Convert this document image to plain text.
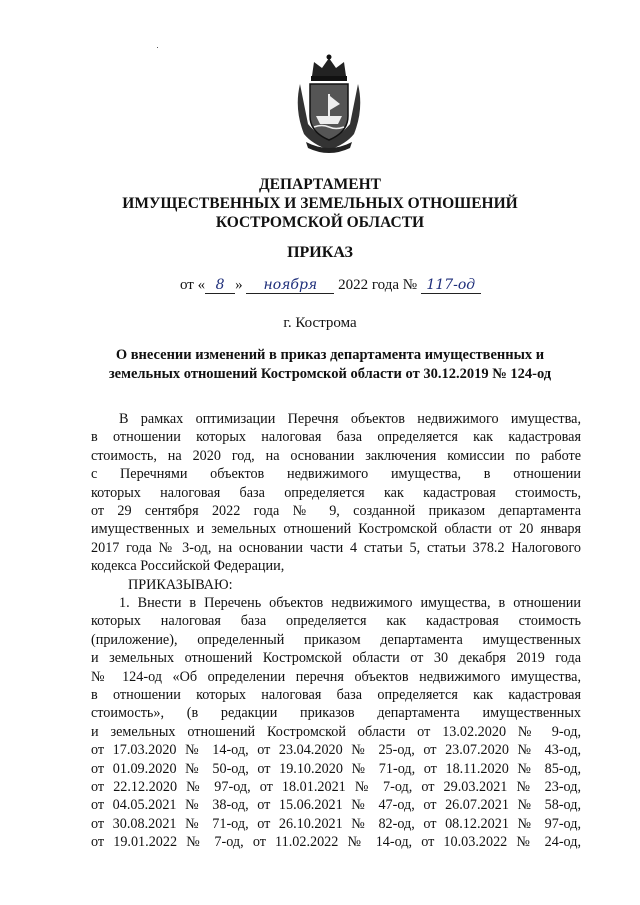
ДЕПАРТАМЕНТ
ИМУЩЕСТВЕННЫХ И ЗЕМЕЛЬНЫХ ОТНОШЕНИЙ
КОСТРОМСКОЙ ОБЛАСТИ
ПРИКАЗ
от « 8 » ноября 2022 года № 117-од
г. Кострома
О внесении изменений в приказ департамента имущественных и
земельных отношений Костромской области от 30.12.2019 № 124-од
В рамках оптимизации Перечня объектов недвижимого имущества,
в отношении которых налоговая база определяется как кадастровая
стоимость, на 2020 год, на основании заключения комиссии по работе
с Перечнями объектов недвижимого имущества, в отношении
которых налоговая база определяется как кадастровая стоимость,
от 29 сентября 2022 года № 9, созданной приказом департамента
имущественных и земельных отношений Костромской области от 20 января
2017 года № 3-од, на основании части 4 статьи 5, статьи 378.2 Налогового
кодекса Российской Федерации,
ПРИКАЗЫВАЮ:
1. Внести в Перечень объектов недвижимого имущества, в отношении
которых налоговая база определяется как кадастровая стоимость
(приложение), определенный приказом департамента имущественных
и земельных отношений Костромской области от 30 декабря 2019 года
№ 124-од «Об определении перечня объектов недвижимого имущества,
в отношении которых налоговая база определяется как кадастровая
стоимость», (в редакции приказов департамента имущественных
и земельных отношений Костромской области от 13.02.2020 № 9-од,
от 17.03.2020 № 14-од, от 23.04.2020 № 25-од, от 23.07.2020 № 43-од,
от 01.09.2020 № 50-од, от 19.10.2020 № 71-од, от 18.11.2020 № 85-од,
от 22.12.2020 № 97-од, от 18.01.2021 № 7-од, от 29.03.2021 № 23-од,
от 04.05.2021 № 38-од, от 15.06.2021 № 47-од, от 26.07.2021 № 58-од,
от 30.08.2021 № 71-од, от 26.10.2021 № 82-од, от 08.12.2021 № 97-од,
от 19.01.2022 № 7-од, от 11.02.2022 № 14-од, от 10.03.2022 № 24-од,
